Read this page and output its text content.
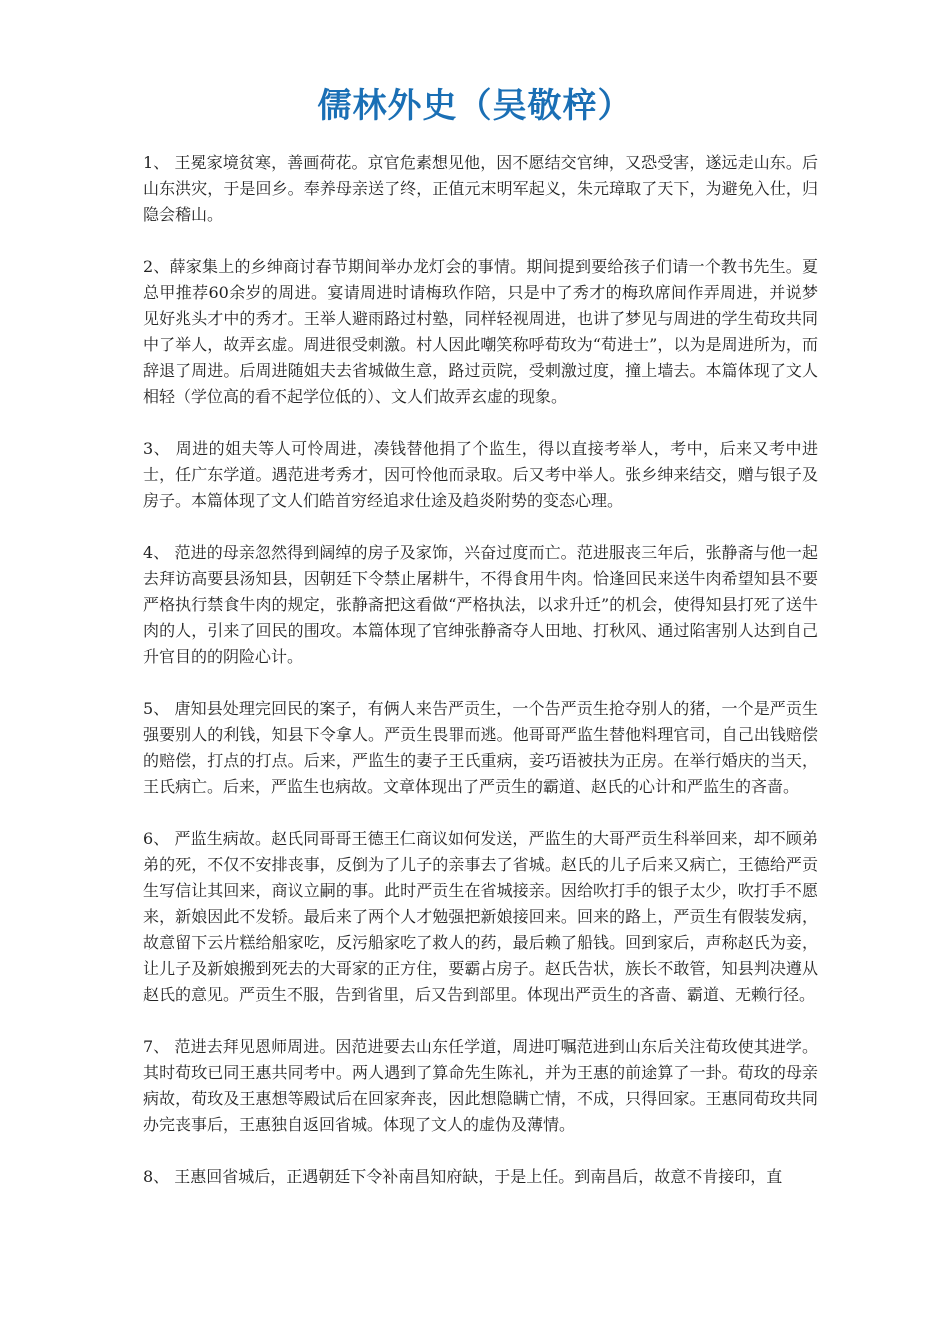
儒林外史（吴敬梓）

1、 王冕家境贫寒，善画荷花。京官危素想见他，因不愿结交官绅，又恐受害，遂远走山东。后山东洪灾，于是回乡。奉养母亲送了终，正值元末明军起义，朱元璋取了天下，为避免入仕，归隐会稽山。

2、薛家集上的乡绅商讨春节期间举办龙灯会的事情。期间提到要给孩子们请一个教书先生。夏总甲推荐60余岁的周进。宴请周进时请梅玖作陪，只是中了秀才的梅玖席间作弄周进，并说梦见好兆头才中的秀才。王举人避雨路过村塾，同样轻视周进，也讲了梦见与周进的学生荀玫共同中了举人，故弄玄虚。周进很受刺激。村人因此嘲笑称呼荀玫为“荀进士”，以为是周进所为，而辞退了周进。后周进随姐夫去省城做生意，路过贡院，受刺激过度，撞上墙去。本篇体现了文人相轻（学位高的看不起学位低的）、文人们故弄玄虚的现象。

3、 周进的姐夫等人可怜周进，凑钱替他捐了个监生，得以直接考举人，考中，后来又考中进士，任广东学道。遇范进考秀才，因可怜他而录取。后又考中举人。张乡绅来结交，赠与银子及房子。本篇体现了文人们皓首穷经追求仕途及趋炎附势的变态心理。

4、 范进的母亲忽然得到阔绰的房子及家饰，兴奋过度而亡。范进服丧三年后，张静斋与他一起去拜访高要县汤知县，因朝廷下令禁止屠耕牛，不得食用牛肉。恰逢回民来送牛肉希望知县不要严格执行禁食牛肉的规定，张静斋把这看做“严格执法，以求升迁”的机会，使得知县打死了送牛肉的人，引来了回民的围攻。本篇体现了官绅张静斋夺人田地、打秋风、通过陷害别人达到自己升官目的的阴险心计。

5、 唐知县处理完回民的案子，有俩人来告严贡生，一个告严贡生抢夺别人的猪，一个是严贡生强要别人的利钱，知县下令拿人。严贡生畏罪而逃。他哥哥严监生替他料理官司，自己出钱赔偿的赔偿，打点的打点。后来，严监生的妻子王氏重病，妾巧语被扶为正房。在举行婚庆的当天，王氏病亡。后来，严监生也病故。文章体现出了严贡生的霸道、赵氏的心计和严监生的吝啬。

6、 严监生病故。赵氏同哥哥王德王仁商议如何发送，严监生的大哥严贡生科举回来，却不顾弟弟的死，不仅不安排丧事，反倒为了儿子的亲事去了省城。赵氏的儿子后来又病亡，王德给严贡生写信让其回来，商议立嗣的事。此时严贡生在省城接亲。因给吹打手的银子太少，吹打手不愿来，新娘因此不发轿。最后来了两个人才勉强把新娘接回来。回来的路上，严贡生有假装发病，故意留下云片糕给船家吃，反污船家吃了救人的药，最后赖了船钱。回到家后，声称赵氏为妾，让儿子及新娘搬到死去的大哥家的正方住，要霸占房子。赵氏告状，族长不敢管，知县判决遵从赵氏的意见。严贡生不服，告到省里，后又告到部里。体现出严贡生的吝啬、霸道、无赖行径。

7、 范进去拜见恩师周进。因范进要去山东任学道，周进叮嘱范进到山东后关注荀玫使其进学。其时荀玫已同王惠共同考中。两人遇到了算命先生陈礼，并为王惠的前途算了一卦。荀玫的母亲病故，荀玫及王惠想等殿试后在回家奔丧，因此想隐瞒亡情，不成，只得回家。王惠同荀玫共同办完丧事后，王惠独自返回省城。体现了文人的虚伪及薄情。

8、 王惠回省城后，正遇朝廷下令补南昌知府缺，于是上任。到南昌后，故意不肯接印，直
